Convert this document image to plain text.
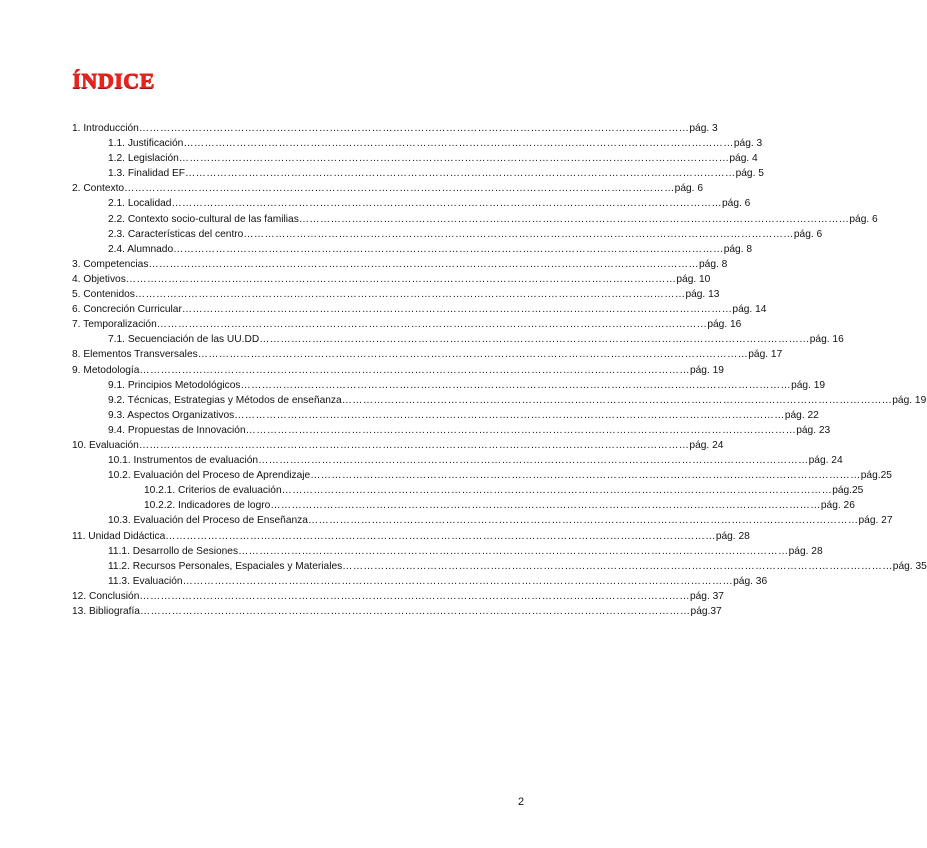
ÍNDICE
1. Introducción ………………………………………………………………………………………………………………………………………… pág. 3
1.1. Justificación ………………………………………………………………………………………………………………………………………… pág. 3
1.2. Legislación ………………………………………………………………………………………………………………………………………… pág. 4
1.3. Finalidad EF ………………………………………………………………………………………………………………………………………… pág. 5
2. Contexto ………………………………………………………………………………………………………………………………………… pág. 6
2.1. Localidad ………………………………………………………………………………………………………………………………………… pág. 6
2.2. Contexto socio-cultural de las familias ………………………………………………………………………………………………………………………………………… pág. 6
2.3. Características del centro ………………………………………………………………………………………………………………………………………… pág. 6
2.4. Alumnado ………………………………………………………………………………………………………………………………………… pág. 8
3. Competencias ………………………………………………………………………………………………………………………………………… pág. 8
4. Objetivos ………………………………………………………………………………………………………………………………………… pág. 10
5. Contenidos ………………………………………………………………………………………………………………………………………… pág. 13
6. Concreción Curricular ………………………………………………………………………………………………………………………………………… pág. 14
7. Temporalización ………………………………………………………………………………………………………………………………………… pág. 16
7.1. Secuenciación de las UU.DD ………………………………………………………………………………………………………………………………………… pág. 16
8. Elementos Transversales ………………………………………………………………………………………………………………………………………… pág. 17
9. Metodología ………………………………………………………………………………………………………………………………………… pág. 19
9.1. Principios Metodológicos ………………………………………………………………………………………………………………………………………… pág. 19
9.2. Técnicas, Estrategias y Métodos de enseñanza ………………………………………………………………………………………………………………………………………… pág. 19
9.3. Aspectos Organizativos ………………………………………………………………………………………………………………………………………… pág. 22
9.4. Propuestas de Innovación ………………………………………………………………………………………………………………………………………… pág. 23
10. Evaluación ………………………………………………………………………………………………………………………………………… pág. 24
10.1. Instrumentos de evaluación ………………………………………………………………………………………………………………………………………… pág. 24
10.2. Evaluación del Proceso de Aprendizaje ………………………………………………………………………………………………………………………………………… pág.25
10.2.1. Criterios de evaluación ………………………………………………………………………………………………………………………………………… pág.25
10.2.2. Indicadores de logro ………………………………………………………………………………………………………………………………………… pág. 26
10.3. Evaluación del Proceso de Enseñanza ………………………………………………………………………………………………………………………………………… pág. 27
11. Unidad Didáctica ………………………………………………………………………………………………………………………………………… pág. 28
11.1. Desarrollo de Sesiones ………………………………………………………………………………………………………………………………………… pág. 28
11.2. Recursos Personales, Espaciales y Materiales ………………………………………………………………………………………………………………………………………… pág. 35
11.3. Evaluación ………………………………………………………………………………………………………………………………………… pág. 36
12. Conclusión ………………………………………………………………………………………………………………………………………… pág. 37
13. Bibliografía ………………………………………………………………………………………………………………………………………… pág.37
2
